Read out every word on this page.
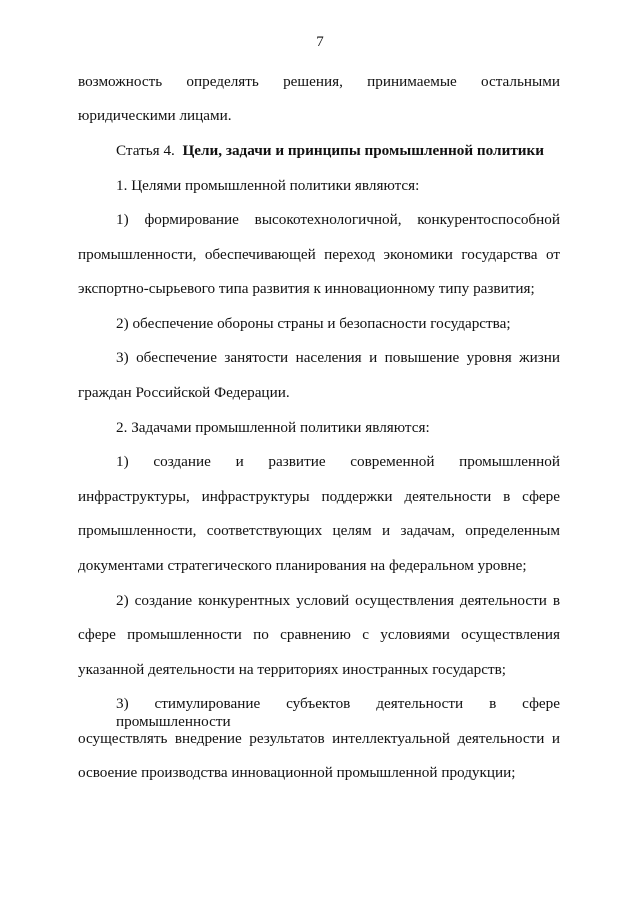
7
возможность определять решения, принимаемые остальными
юридическими лицами.
Статья 4. Цели, задачи и принципы промышленной политики
1. Целями промышленной политики являются:
1) формирование высокотехнологичной, конкурентоспособной
промышленности, обеспечивающей переход экономики государства от
экспортно-сырьевого типа развития к инновационному типу развития;
2) обеспечение обороны страны и безопасности государства;
3) обеспечение занятости населения и повышение уровня жизни
граждан Российской Федерации.
2. Задачами промышленной политики являются:
1) создание и развитие современной промышленной
инфраструктуры, инфраструктуры поддержки деятельности в сфере
промышленности, соответствующих целям и задачам, определенным
документами стратегического планирования на федеральном уровне;
2) создание конкурентных условий осуществления деятельности в
сфере промышленности по сравнению с условиями осуществления
указанной деятельности на территориях иностранных государств;
3) стимулирование субъектов деятельности в сфере промышленности
осуществлять внедрение результатов интеллектуальной деятельности и
освоение производства инновационной промышленной продукции;
